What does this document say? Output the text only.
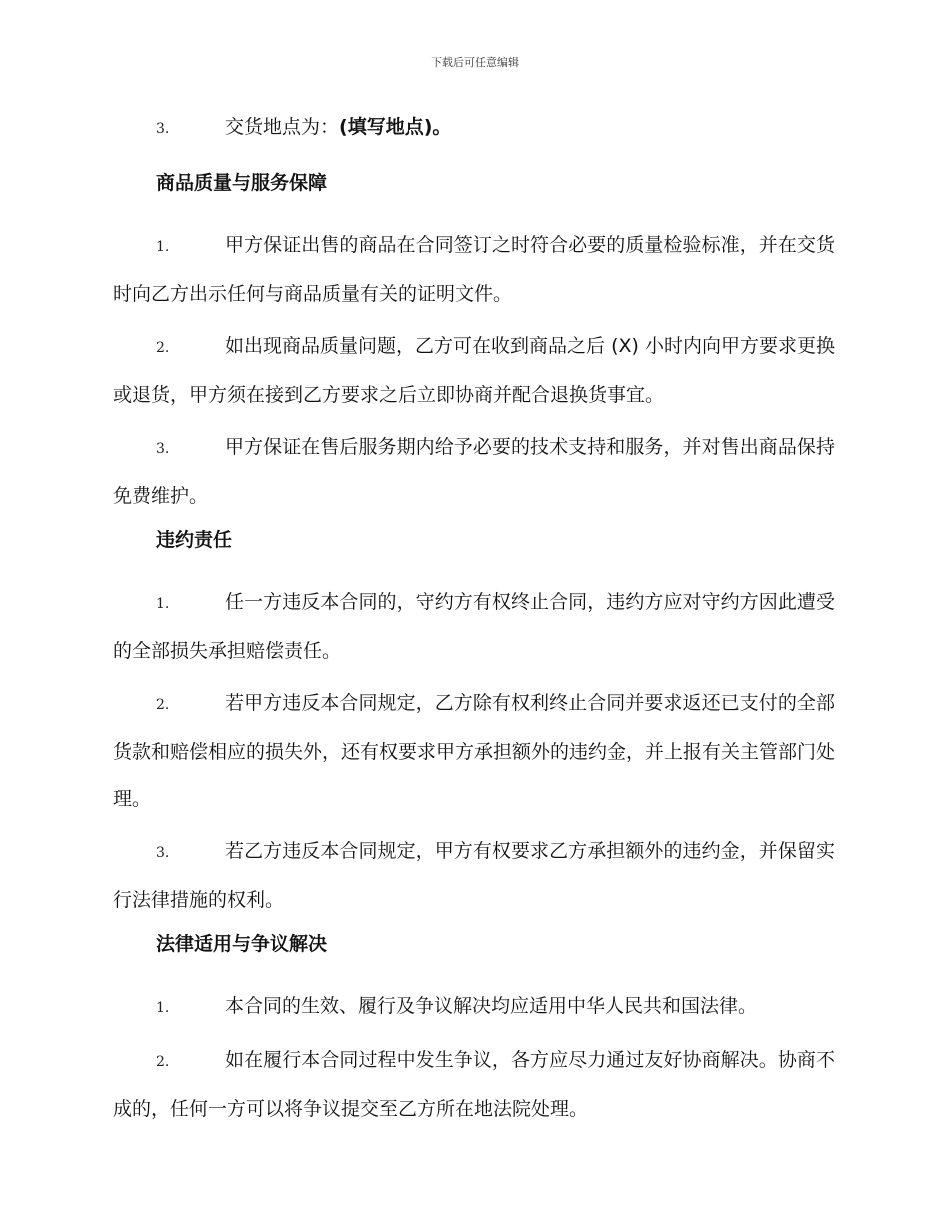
下载后可任意编辑

3.	交货地点为：(填写地点)。

商品质量与服务保障

1.	甲方保证出售的商品在合同签订之时符合必要的质量检验标准，并在交货时向乙方出示任何与商品质量有关的证明文件。

2.	如出现商品质量问题，乙方可在收到商品之后 (X) 小时内向甲方要求更换或退货，甲方须在接到乙方要求之后立即协商并配合退换货事宜。

3.	甲方保证在售后服务期内给予必要的技术支持和服务，并对售出商品保持免费维护。

违约责任

1.	任一方违反本合同的，守约方有权终止合同，违约方应对守约方因此遭受的全部损失承担赔偿责任。

2.	若甲方违反本合同规定，乙方除有权利终止合同并要求返还已支付的全部货款和赔偿相应的损失外，还有权要求甲方承担额外的违约金，并上报有关主管部门处理。

3.	若乙方违反本合同规定，甲方有权要求乙方承担额外的违约金，并保留实行法律措施的权利。

法律适用与争议解决

1.	本合同的生效、履行及争议解决均应适用中华人民共和国法律。

2.	如在履行本合同过程中发生争议，各方应尽力通过友好协商解决。协商不成的，任何一方可以将争议提交至乙方所在地法院处理。
